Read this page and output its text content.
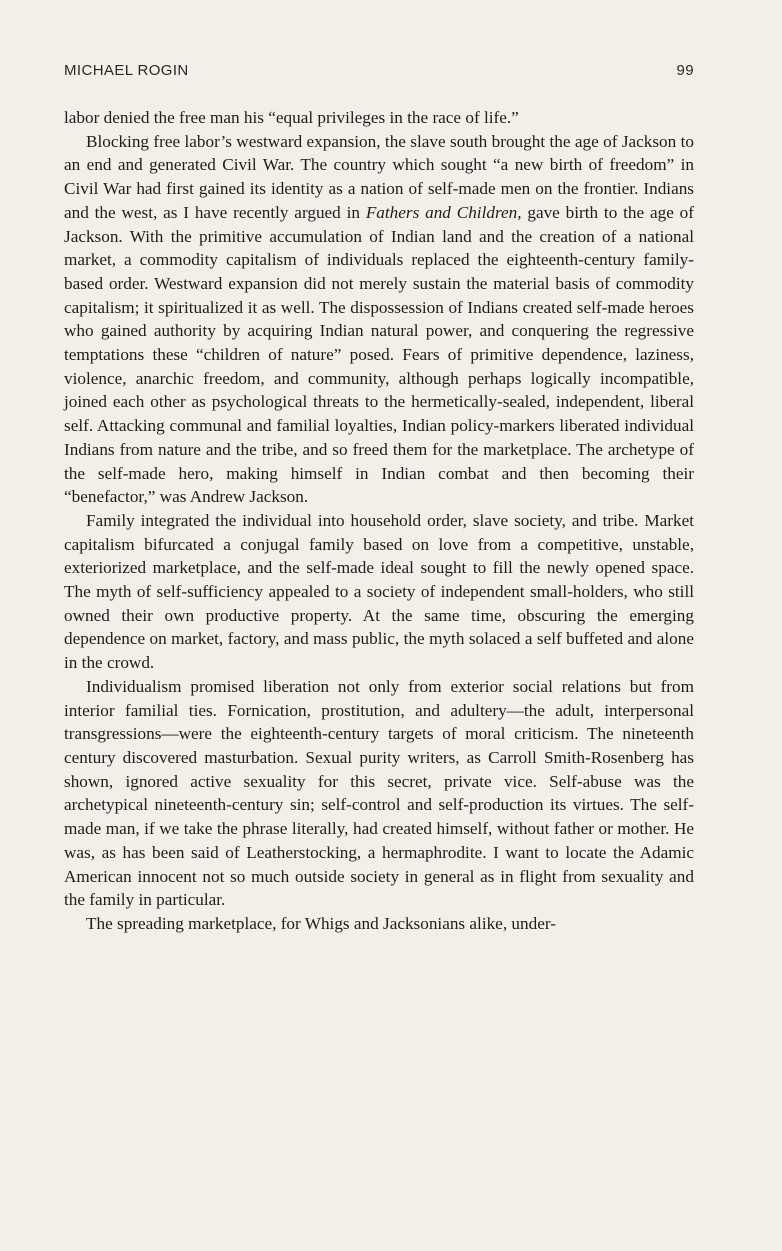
MICHAEL ROGIN	99

labor denied the free man his “equal privileges in the race of life.”

Blocking free labor’s westward expansion, the slave south brought the age of Jackson to an end and generated Civil War. The country which sought “a new birth of freedom” in Civil War had first gained its identity as a nation of self-made men on the frontier. Indians and the west, as I have recently argued in Fathers and Children, gave birth to the age of Jackson. With the primitive accumulation of Indian land and the creation of a national market, a commodity capitalism of individuals replaced the eighteenth-century family-based order. Westward expansion did not merely sustain the material basis of commodity capitalism; it spiritualized it as well. The dispossession of Indians created self-made heroes who gained authority by acquiring Indian natural power, and conquering the regressive temptations these “children of nature” posed. Fears of primitive dependence, laziness, violence, anarchic freedom, and community, although perhaps logically incompatible, joined each other as psychological threats to the hermetically-sealed, independent, liberal self. Attacking communal and familial loyalties, Indian policy-markers liberated individual Indians from nature and the tribe, and so freed them for the marketplace. The archetype of the self-made hero, making himself in Indian combat and then becoming their “benefactor,” was Andrew Jackson.

Family integrated the individual into household order, slave society, and tribe. Market capitalism bifurcated a conjugal family based on love from a competitive, unstable, exteriorized marketplace, and the self-made ideal sought to fill the newly opened space. The myth of self-sufficiency appealed to a society of independent small-holders, who still owned their own productive property. At the same time, obscuring the emerging dependence on market, factory, and mass public, the myth solaced a self buffeted and alone in the crowd.

Individualism promised liberation not only from exterior social relations but from interior familial ties. Fornication, prostitution, and adultery—the adult, interpersonal transgressions—were the eighteenth-century targets of moral criticism. The nineteenth century discovered masturbation. Sexual purity writers, as Carroll Smith-Rosenberg has shown, ignored active sexuality for this secret, private vice. Self-abuse was the archetypical nineteenth-century sin; self-control and self-production its virtues. The self-made man, if we take the phrase literally, had created himself, without father or mother. He was, as has been said of Leatherstocking, a hermaphrodite. I want to locate the Adamic American innocent not so much outside society in general as in flight from sexuality and the family in particular.

The spreading marketplace, for Whigs and Jacksonians alike, under-
